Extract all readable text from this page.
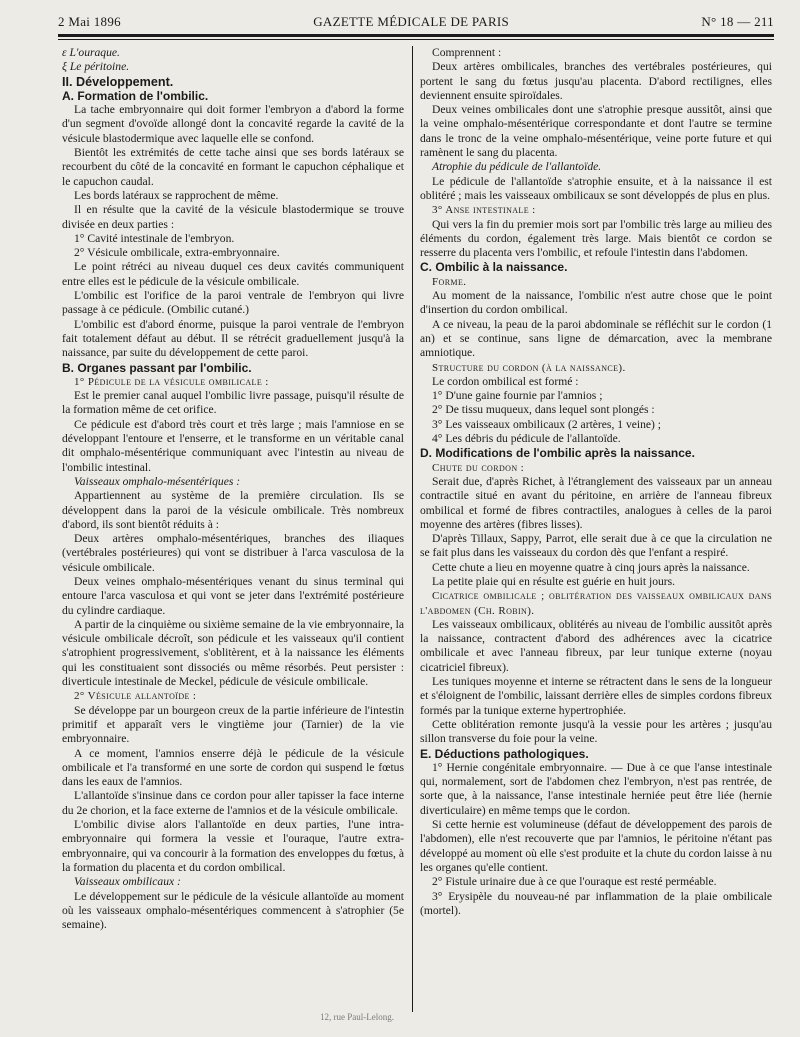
2 Mai 1896	GAZETTE MÉDICALE DE PARIS	N° 18 — 211

ε L'ouraque.

ξ Le péritoine.

II. Développement.

A. Formation de l'ombilic.

La tache embryonnaire qui doit former l'embryon a d'abord la forme d'un segment d'ovoïde allongé dont la concavité regarde la cavité de la vésicule blastodermique avec laquelle elle se confond.

Bientôt les extrémités de cette tache ainsi que ses bords latéraux se recourbent du côté de la concavité en formant le capuchon céphalique et le capuchon caudal.

Les bords latéraux se rapprochent de même.

Il en résulte que la cavité de la vésicule blastodermique se trouve divisée en deux parties :

1° Cavité intestinale de l'embryon.

2° Vésicule ombilicale, extra-embryonnaire.

Le point rétréci au niveau duquel ces deux cavités communiquent entre elles est le pédicule de la vésicule ombilicale.

L'ombilic est l'orifice de la paroi ventrale de l'embryon qui livre passage à ce pédicule. (Ombilic cutané.)

L'ombilic est d'abord énorme, puisque la paroi ventrale de l'embryon fait totalement défaut au début. Il se rétrécit graduellement jusqu'à la naissance, par suite du développement de cette paroi.

B. Organes passant par l'ombilic.

1° Pédicule de la vésicule ombilicale :

Est le premier canal auquel l'ombilic livre passage, puisqu'il résulte de la formation même de cet orifice.

Ce pédicule est d'abord très court et très large ; mais l'amniose en se développant l'entoure et l'enserre, et le transforme en un véritable canal dit omphalo-mésentérique communiquant avec l'intestin au niveau de l'ombilic intestinal.

Vaisseaux omphalo-mésentériques :

Appartiennent au système de la première circulation. Ils se développent dans la paroi de la vésicule ombilicale. Très nombreux d'abord, ils sont bientôt réduits à :

Deux artères omphalo-mésentériques, branches des iliaques (vertébrales postérieures) qui vont se distribuer à l'arca vasculosa de la vésicule ombilicale.

Deux veines omphalo-mésentériques venant du sinus terminal qui entoure l'arca vasculosa et qui vont se jeter dans l'extrémité postérieure du cylindre cardiaque.

A partir de la cinquième ou sixième semaine de la vie embryonnaire, la vésicule ombilicale décroît, son pédicule et les vaisseaux qu'il contient s'atrophient progressivement, s'oblitèrent, et à la naissance les éléments qui les constituaient sont dissociés ou même résorbés. Peut persister : diverticule intestinale de Meckel, pédicule de vésicule ombilicale.

2° Vésicule allantoïde :

Se développe par un bourgeon creux de la partie inférieure de l'intestin primitif et apparaît vers le vingtième jour (Tarnier) de la vie embryonnaire.

A ce moment, l'amnios enserre déjà le pédicule de la vésicule ombilicale et l'a transformé en une sorte de cordon qui suspend le fœtus dans les eaux de l'amnios.

L'allantoïde s'insinue dans ce cordon pour aller tapisser la face interne du 2e chorion, et la face externe de l'amnios et de la vésicule ombilicale.

L'ombilic divise alors l'allantoïde en deux parties, l'une intra-embryonnaire qui formera la vessie et l'ouraque, l'autre extra-embryonnaire, qui va concourir à la formation des enveloppes du fœtus, à la formation du placenta et du cordon ombilical.

Vaisseaux ombilicaux :

Le développement sur le pédicule de la vésicule allantoïde au moment où les vaisseaux omphalo-mésentériques commencent à s'atrophier (5e semaine).

Comprennent :

Deux artères ombilicales, branches des vertébrales postérieures, qui portent le sang du fœtus jusqu'au placenta. D'abord rectilignes, elles deviennent ensuite spiroïdales.

Deux veines ombilicales dont une s'atrophie presque aussitôt, ainsi que la veine omphalo-mésentérique correspondante et dont l'autre se termine dans le tronc de la veine omphalo-mésentérique, veine porte future et qui ramènent le sang du placenta.

Atrophie du pédicule de l'allantoïde.

Le pédicule de l'allantoïde s'atrophie ensuite, et à la naissance il est oblitéré ; mais les vaisseaux ombilicaux se sont développés de plus en plus.

3° Anse intestinale :

Qui vers la fin du premier mois sort par l'ombilic très large au milieu des éléments du cordon, également très large. Mais bientôt ce cordon se resserre du placenta vers l'ombilic, et refoule l'intestin dans l'abdomen.

C. Ombilic à la naissance.

Forme.

Au moment de la naissance, l'ombilic n'est autre chose que le point d'insertion du cordon ombilical.

A ce niveau, la peau de la paroi abdominale se réfléchit sur le cordon (1 an) et se continue, sans ligne de démarcation, avec la membrane amniotique.

Structure du cordon (à la naissance).

Le cordon ombilical est formé :

1° D'une gaine fournie par l'amnios ;

2° De tissu muqueux, dans lequel sont plongés :

3° Les vaisseaux ombilicaux (2 artères, 1 veine) ;

4° Les débris du pédicule de l'allantoïde.

D. Modifications de l'ombilic après la naissance.

Chute du cordon :

Serait due, d'après Richet, à l'étranglement des vaisseaux par un anneau contractile situé en avant du péritoine, en arrière de l'anneau fibreux ombilical et formé de fibres contractiles, analogues à celles de la paroi moyenne des artères (fibres lisses).

D'après Tillaux, Sappy, Parrot, elle serait due à ce que la circulation ne se fait plus dans les vaisseaux du cordon dès que l'enfant a respiré.

Cette chute a lieu en moyenne quatre à cinq jours après la naissance.

La petite plaie qui en résulte est guérie en huit jours.

Cicatrice ombilicale ; oblitération des vaisseaux ombilicaux dans l'abdomen (Ch. Robin).

Les vaisseaux ombilicaux, oblitérés au niveau de l'ombilic aussitôt après la naissance, contractent d'abord des adhérences avec la cicatrice ombilicale et avec l'anneau fibreux, par leur tunique externe (noyau cicatriciel fibreux).

Les tuniques moyenne et interne se rétractent dans le sens de la longueur et s'éloignent de l'ombilic, laissant derrière elles de simples cordons fibreux formés par la tunique externe hypertrophiée.

Cette oblitération remonte jusqu'à la vessie pour les artères ; jusqu'au sillon transverse du foie pour la veine.

E. Déductions pathologiques.

1° Hernie congénitale embryonnaire. — Due à ce que l'anse intestinale qui, normalement, sort de l'abdomen chez l'embryon, n'est pas rentrée, de sorte que, à la naissance, l'anse intestinale herniée peut être liée (hernie diverticulaire) en même temps que le cordon.

Si cette hernie est volumineuse (défaut de développement des parois de l'abdomen), elle n'est recouverte que par l'amnios, le péritoine n'étant pas développé au moment où elle s'est produite et la chute du cordon laisse à nu les organes qu'elle contient.

2° Fistule urinaire due à ce que l'ouraque est resté perméable.

3° Erysipèle du nouveau-né par inflammation de la plaie ombilicale (mortel).

12, rue Paul-Lelong.
